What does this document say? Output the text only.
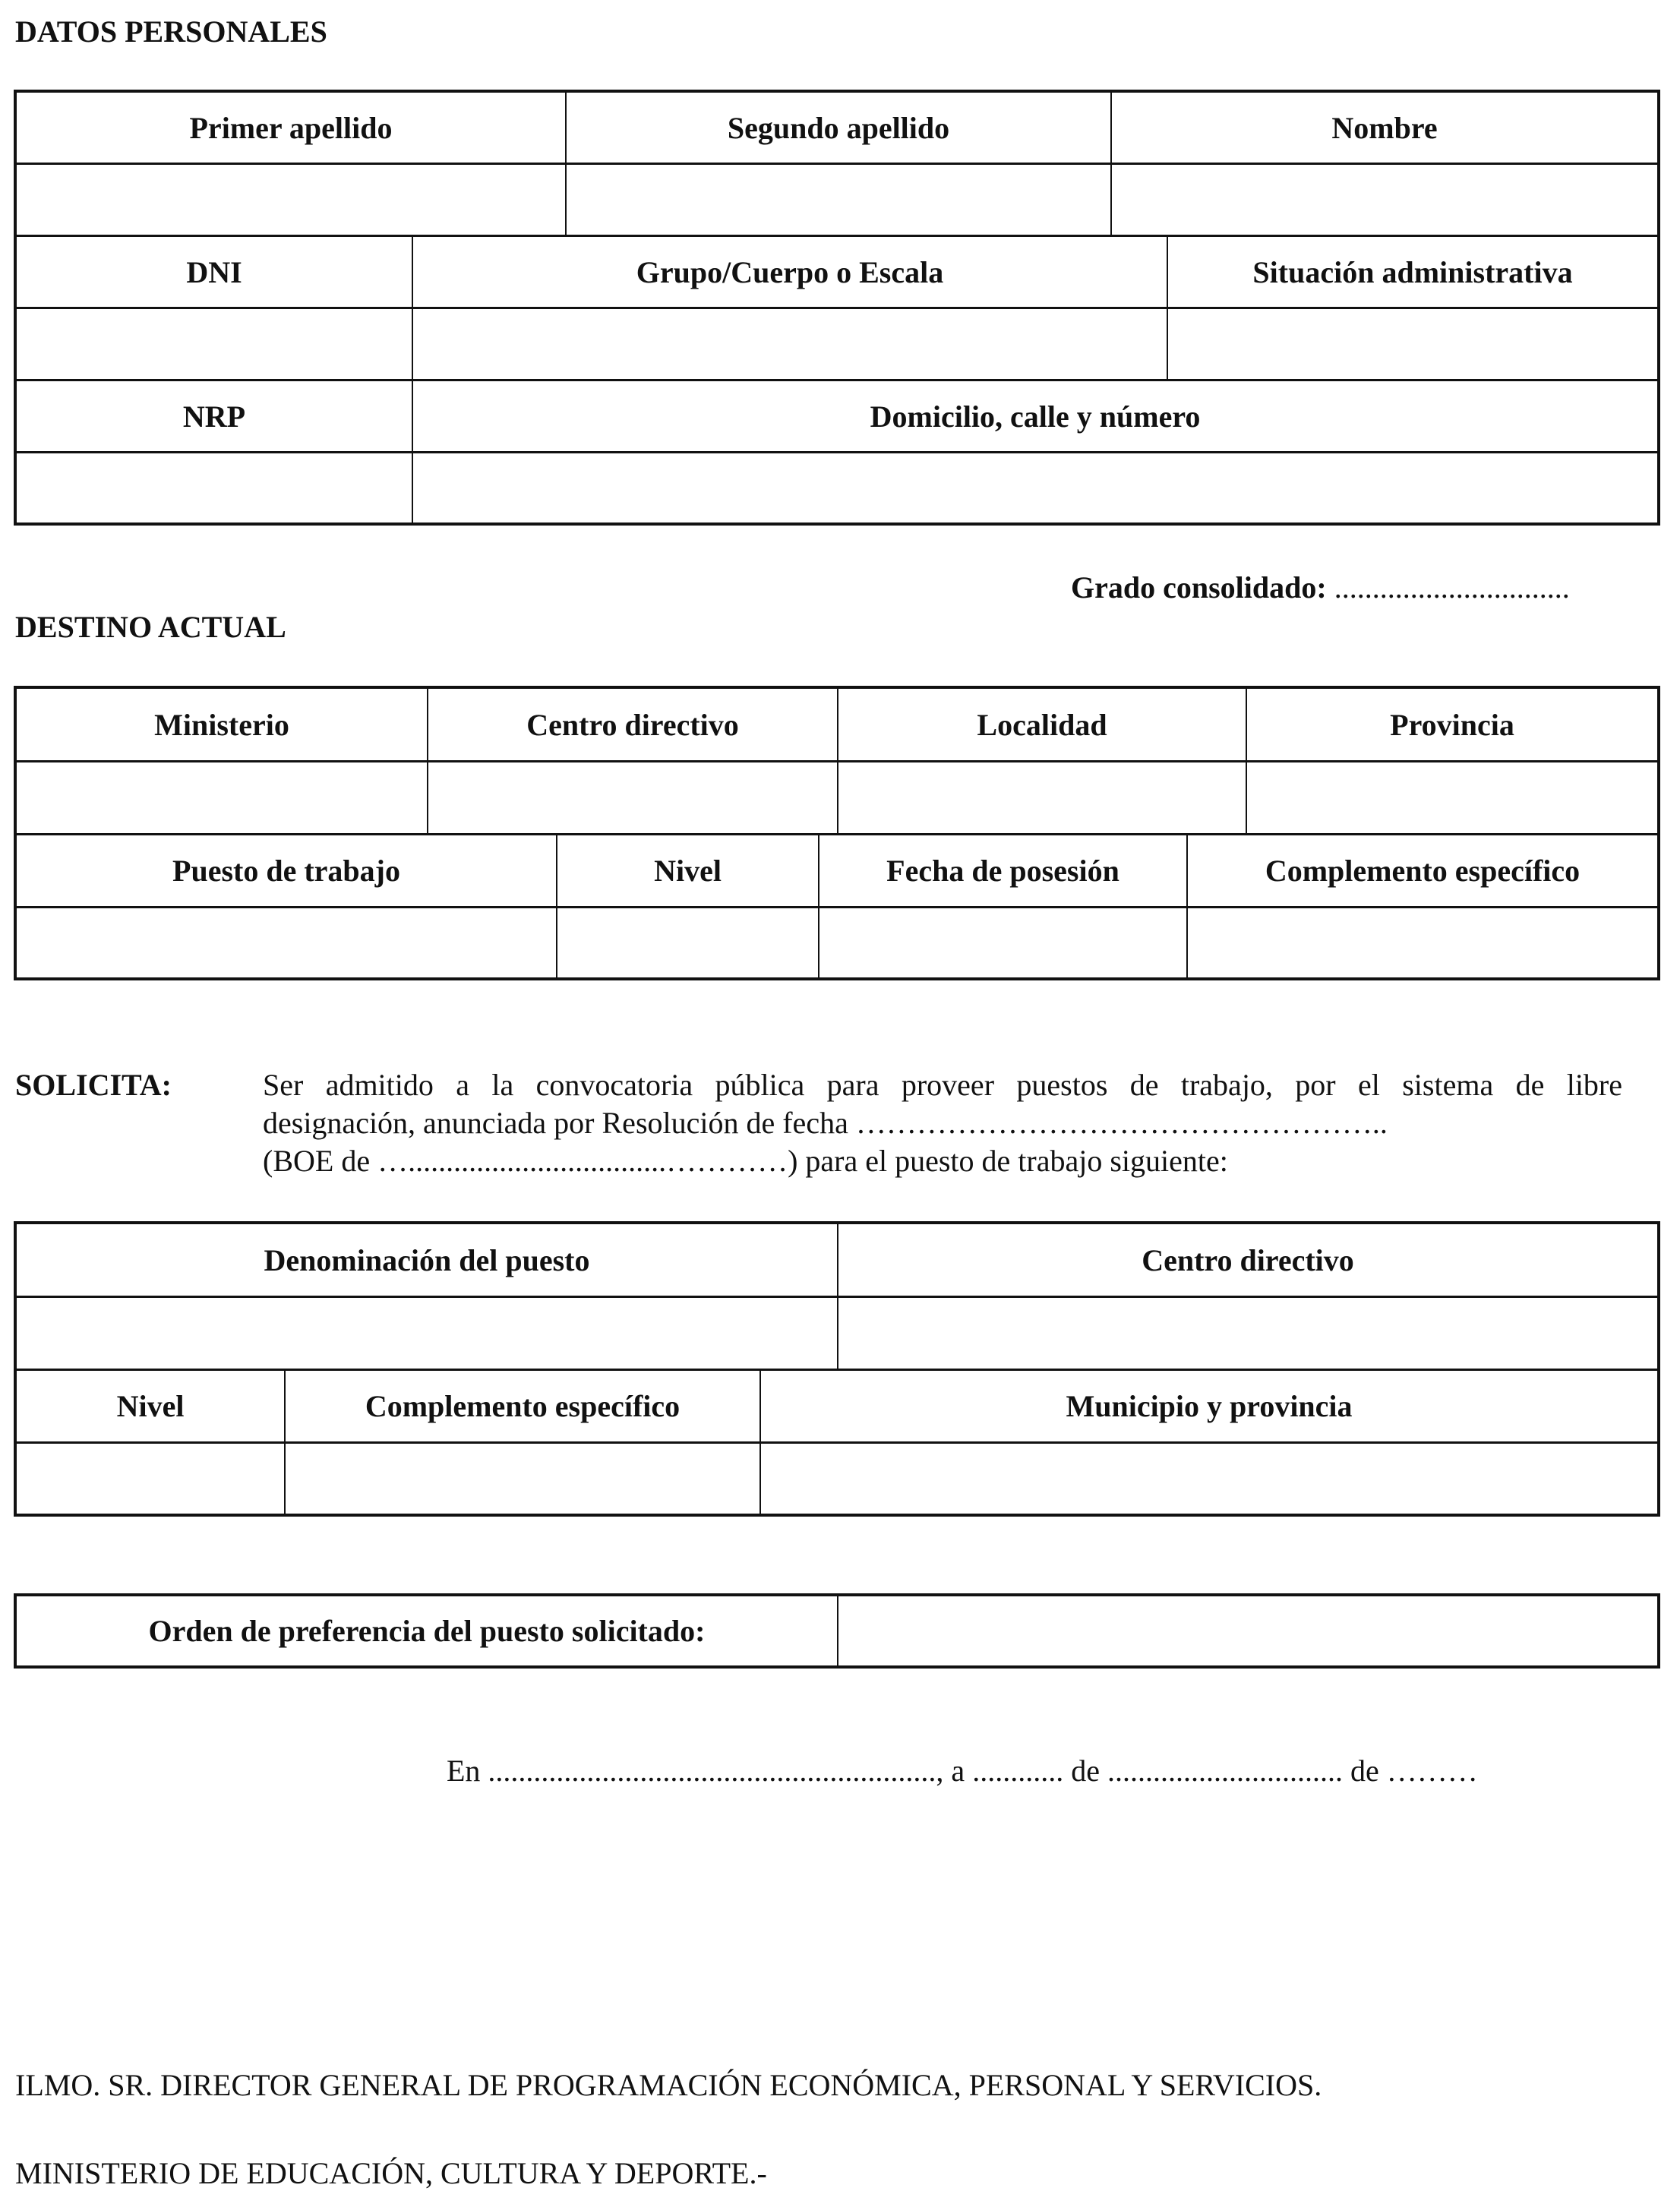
DATOS PERSONALES
Primer apellido	Segundo apellido	Nombre
DNI	Grupo/Cuerpo o Escala	Situación administrativa
NRP	Domicilio, calle y número
Grado consolidado: ...............................
DESTINO ACTUAL
Ministerio	Centro directivo	Localidad	Provincia
Puesto de trabajo	Nivel	Fecha de posesión	Complemento específico
SOLICITA:	Ser admitido a la convocatoria pública para proveer puestos de trabajo, por el sistema de libre
designación, anunciada por Resolución de fecha ……………………………………………..
(BOE de …..................................…………) para el puesto de trabajo siguiente:
Denominación del puesto	Centro directivo
Nivel	Complemento específico	Municipio y provincia
Orden de preferencia del puesto solicitado:
En ..........................................................., a ............ de ............................... de ………
ILMO. SR. DIRECTOR GENERAL DE PROGRAMACIÓN ECONÓMICA, PERSONAL Y SERVICIOS.
MINISTERIO DE EDUCACIÓN, CULTURA Y DEPORTE.-
